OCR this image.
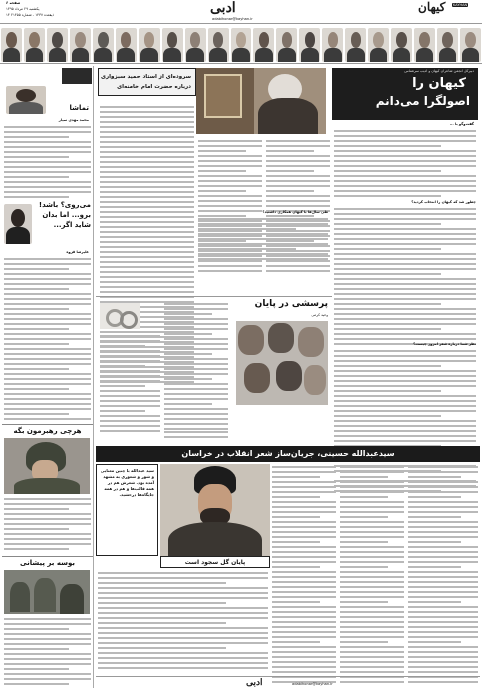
صفحه ۶
یکشنبه ۲۹ مرداد ۱۳۹۵
۱۴ ذیقعده ۱۴۳۷ - شماره ۲۱۴۵۵	ادبی
adabihonar@kayhan.ir
کیهان KAYHAN
تماشا
محمد مهدی سیار
می‌روی؟ باشد! برو... اما بدان شاید اگر...
علیرضا قزوه
هرچی رهبرمون بگه
بوسه بر پیشانی
سروده‌ای از استاد حمید سبزواری
درباره حضرت امام خامنه‌ای
طی سال‌ها با کیهان همکاری داشتید؟
دبیرکل انجمن شاعران کیهان و ادیب سرشناس
کیهان را
اصولگرا می‌دانم
گفت‌وگو با ...
چطور شد که کیهان را انتخاب کردید؟
نظر شما درباره شعر امروز چیست؟
پرسشی در پایان
وحید کرمی
سیدعبدالله حسینی، جریان‌ساز شعر انقلاب در خراسان
سید عبدالله با چنین معنایی و شور و شعوری به مشهد آمده بود. شعرش هم در همه قالب‌ها و هم در همه جایگاه‌ها درخشید.
پایان گل سجود است
ادبی	adabihonar@kayhan.ir
